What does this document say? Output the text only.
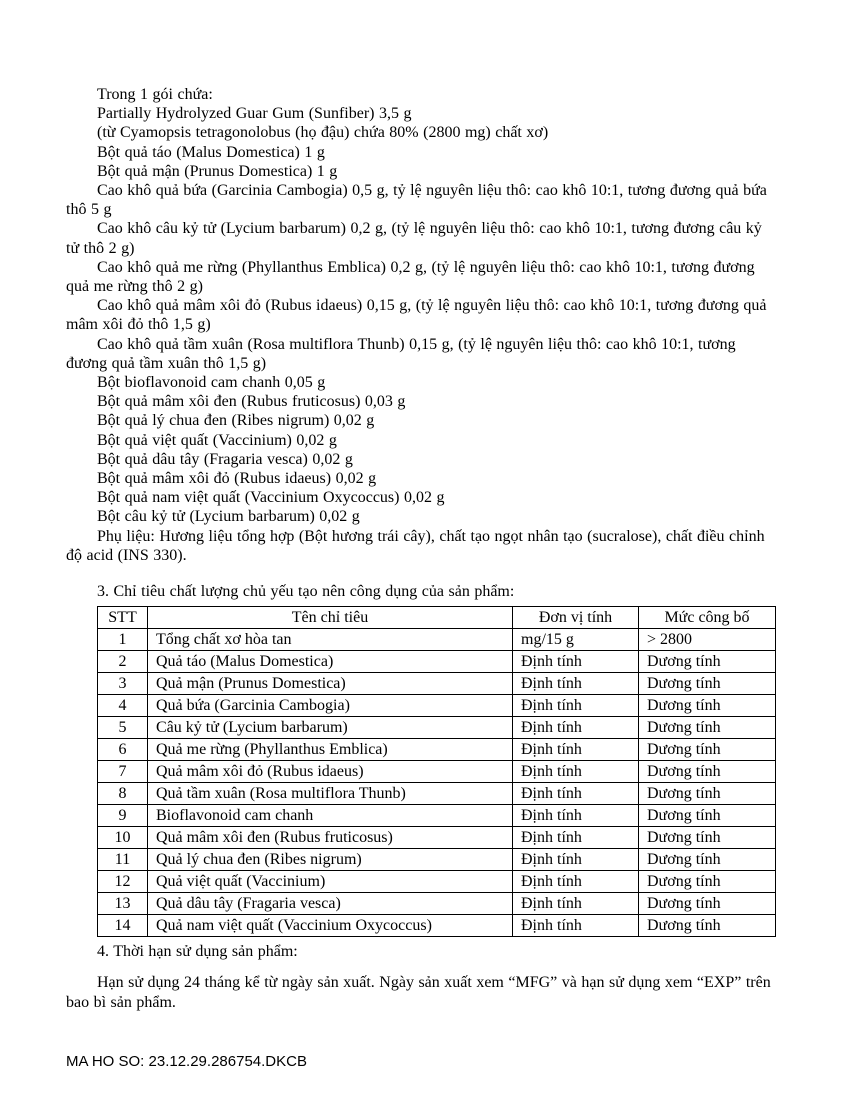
Trong 1 gói chứa:

Partially Hydrolyzed Guar Gum (Sunfiber) 3,5 g

(từ Cyamopsis tetragonolobus (họ đậu) chứa 80% (2800 mg) chất xơ)

Bột quả táo (Malus Domestica) 1 g

Bột quả mận (Prunus Domestica) 1 g

Cao khô quả bứa (Garcinia Cambogia) 0,5 g, tỷ lệ nguyên liệu thô: cao khô 10:1, tương đương quả bứa thô 5 g

Cao khô câu kỷ tử (Lycium barbarum) 0,2 g, (tỷ lệ nguyên liệu thô: cao khô 10:1, tương đương câu kỷ tử thô 2 g)

Cao khô quả me rừng (Phyllanthus Emblica) 0,2 g, (tỷ lệ nguyên liệu thô: cao khô 10:1, tương đương quả me rừng thô 2 g)

Cao khô quả mâm xôi đỏ (Rubus idaeus) 0,15 g, (tỷ lệ nguyên liệu thô: cao khô 10:1, tương đương quả mâm xôi đỏ thô 1,5 g)

Cao khô quả tầm xuân (Rosa multiflora Thunb) 0,15 g, (tỷ lệ nguyên liệu thô: cao khô 10:1, tương đương quả tầm xuân thô 1,5 g)

Bột bioflavonoid cam chanh 0,05 g

Bột quả mâm xôi đen (Rubus fruticosus) 0,03 g

Bột quả lý chua đen (Ribes nigrum) 0,02 g

Bột quả việt quất (Vaccinium) 0,02 g

Bột quả dâu tây (Fragaria vesca) 0,02 g

Bột quả mâm xôi đỏ (Rubus idaeus) 0,02 g

Bột quả nam việt quất (Vaccinium Oxycoccus) 0,02 g

Bột câu kỷ tử (Lycium barbarum) 0,02 g

Phụ liệu: Hương liệu tổng hợp (Bột hương trái cây), chất tạo ngọt nhân tạo (sucralose), chất điều chỉnh độ acid (INS 330).

3. Chỉ tiêu chất lượng chủ yếu tạo nên công dụng của sản phẩm:

STT	Tên chỉ tiêu	Đơn vị tính	Mức công bố
1	Tổng chất xơ hòa tan	mg/15 g	> 2800
2	Quả táo (Malus Domestica)	Định tính	Dương tính
3	Quả mận (Prunus Domestica)	Định tính	Dương tính
4	Quả bứa (Garcinia Cambogia)	Định tính	Dương tính
5	Câu kỷ tử (Lycium barbarum)	Định tính	Dương tính
6	Quả me rừng (Phyllanthus Emblica)	Định tính	Dương tính
7	Quả mâm xôi đỏ (Rubus idaeus)	Định tính	Dương tính
8	Quả tầm xuân (Rosa multiflora Thunb)	Định tính	Dương tính
9	Bioflavonoid cam chanh	Định tính	Dương tính
10	Quả mâm xôi đen (Rubus fruticosus)	Định tính	Dương tính
11	Quả lý chua đen (Ribes nigrum)	Định tính	Dương tính
12	Quả việt quất (Vaccinium)	Định tính	Dương tính
13	Quả dâu tây (Fragaria vesca)	Định tính	Dương tính
14	Quả nam việt quất (Vaccinium Oxycoccus)	Định tính	Dương tính

4. Thời hạn sử dụng sản phẩm:

Hạn sử dụng 24 tháng kể từ ngày sản xuất. Ngày sản xuất xem “MFG” và hạn sử dụng xem “EXP” trên bao bì sản phẩm.

MA HO SO: 23.12.29.286754.DKCB
